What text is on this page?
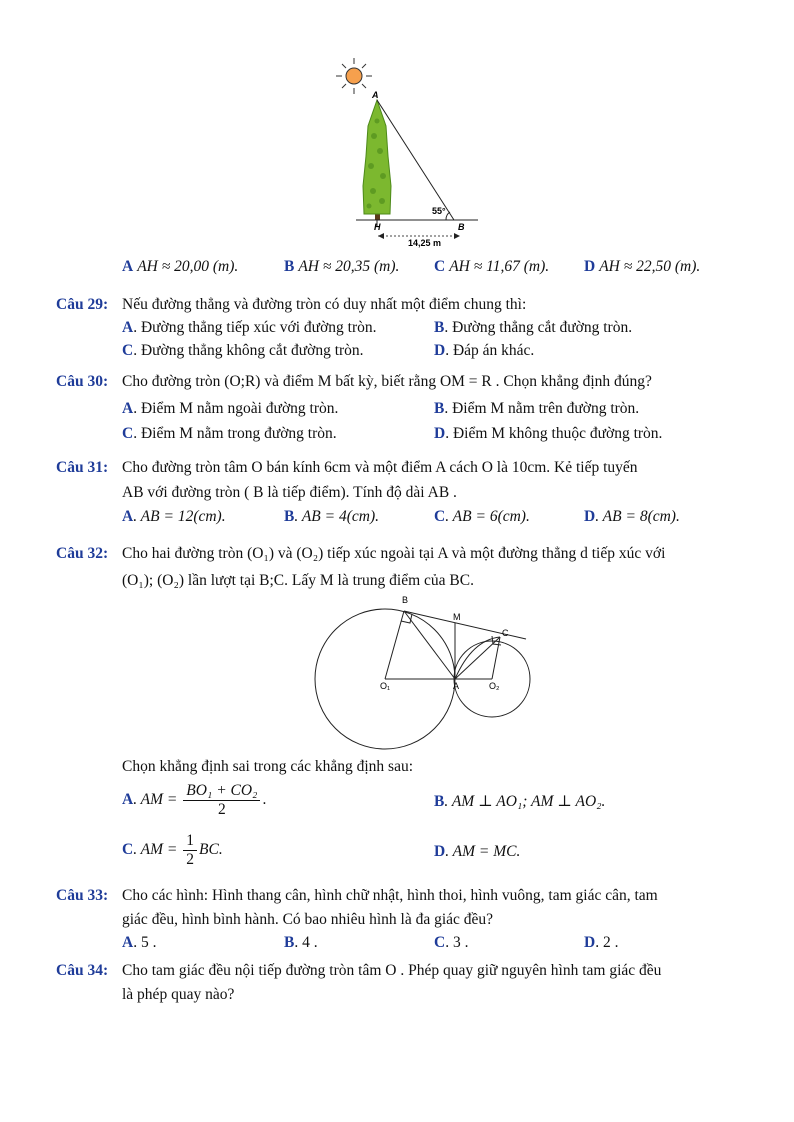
A
H	B
55°
14,25 m
A AH ≈ 20,00 (m).	B AH ≈ 20,35 (m). C AH ≈ 11,67 (m). D AH ≈ 22,50 (m).
Câu 29: Nếu đường thẳng và đường tròn có duy nhất một điểm chung thì:
A. Đường thẳng tiếp xúc với đường tròn.	B. Đường thẳng cắt đường tròn.
C. Đường thẳng không cắt đường tròn.	D. Đáp án khác.
Câu 30: Cho đường tròn (O;R) và điểm M bất kỳ, biết rằng OM = R . Chọn khẳng định đúng?
A. Điểm M nằm ngoài đường tròn.	B. Điểm M nằm trên đường tròn.
C. Điểm M nằm trong đường tròn.	D. Điểm M không thuộc đường tròn.
Câu 31: Cho đường tròn tâm O bán kính 6cm và một điểm A cách O là 10cm. Kẻ tiếp tuyến
AB với đường tròn ( B là tiếp điểm). Tính độ dài AB .
A. AB = 12(cm).	B. AB = 4(cm).	C. AB = 6(cm).	D. AB = 8(cm).
Câu 32: Cho hai đường tròn (O₁) và (O₂) tiếp xúc ngoài tại A và một đường thẳng d tiếp xúc với
(O₁); (O₂) lần lượt tại B;C. Lấy M là trung điểm của BC.
B
M
C
O₁	A	O₂
Chọn khẳng định sai trong các khẳng định sau:
A. AM = $\frac{\text{BO₁ + CO₂}}{2}$ .	B. AM ⊥ AO₁; AM ⊥ AO₂.
C. AM = $\frac{1}{2}$ BC.	D. AM = MC.
Câu 33: Cho các hình: Hình thang cân, hình chữ nhật, hình thoi, hình vuông, tam giác cân, tam
giác đều, hình bình hành. Có bao nhiêu hình là đa giác đều?
A. 5 .	B. 4 .	C. 3 .	D. 2 .
Câu 34: Cho tam giác đều nội tiếp đường tròn tâm O . Phép quay giữ nguyên hình tam giác đều
là phép quay nào?
